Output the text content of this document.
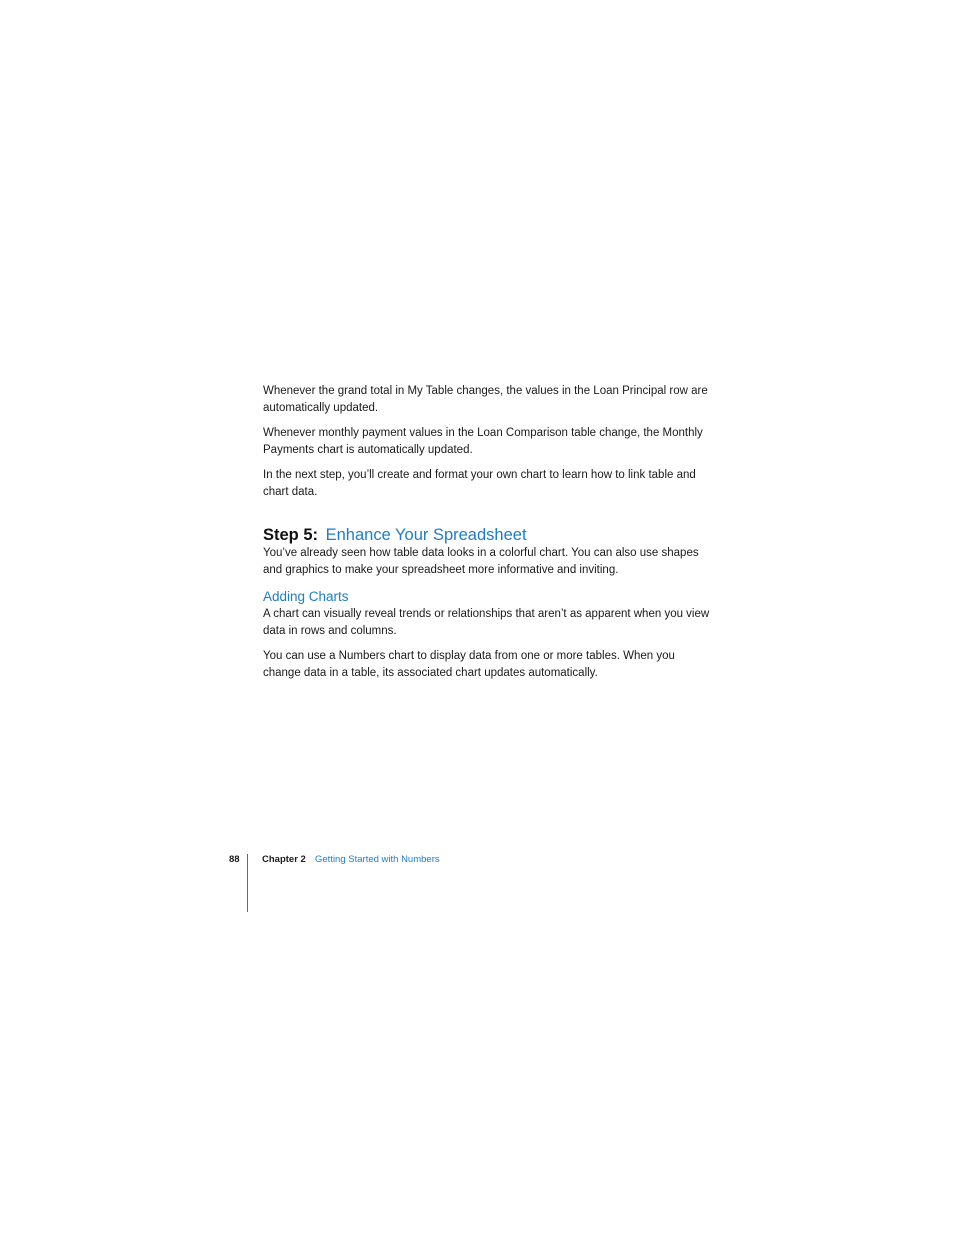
Whenever the grand total in My Table changes, the values in the Loan Principal row are automatically updated.

Whenever monthly payment values in the Loan Comparison table change, the Monthly Payments chart is automatically updated.

In the next step, you’ll create and format your own chart to learn how to link table and chart data.

Step 5: Enhance Your Spreadsheet

You’ve already seen how table data looks in a colorful chart. You can also use shapes and graphics to make your spreadsheet more informative and inviting.

Adding Charts

A chart can visually reveal trends or relationships that aren’t as apparent when you view data in rows and columns.

You can use a Numbers chart to display data from one or more tables. When you change data in a table, its associated chart updates automatically.

88 Chapter 2 Getting Started with Numbers
